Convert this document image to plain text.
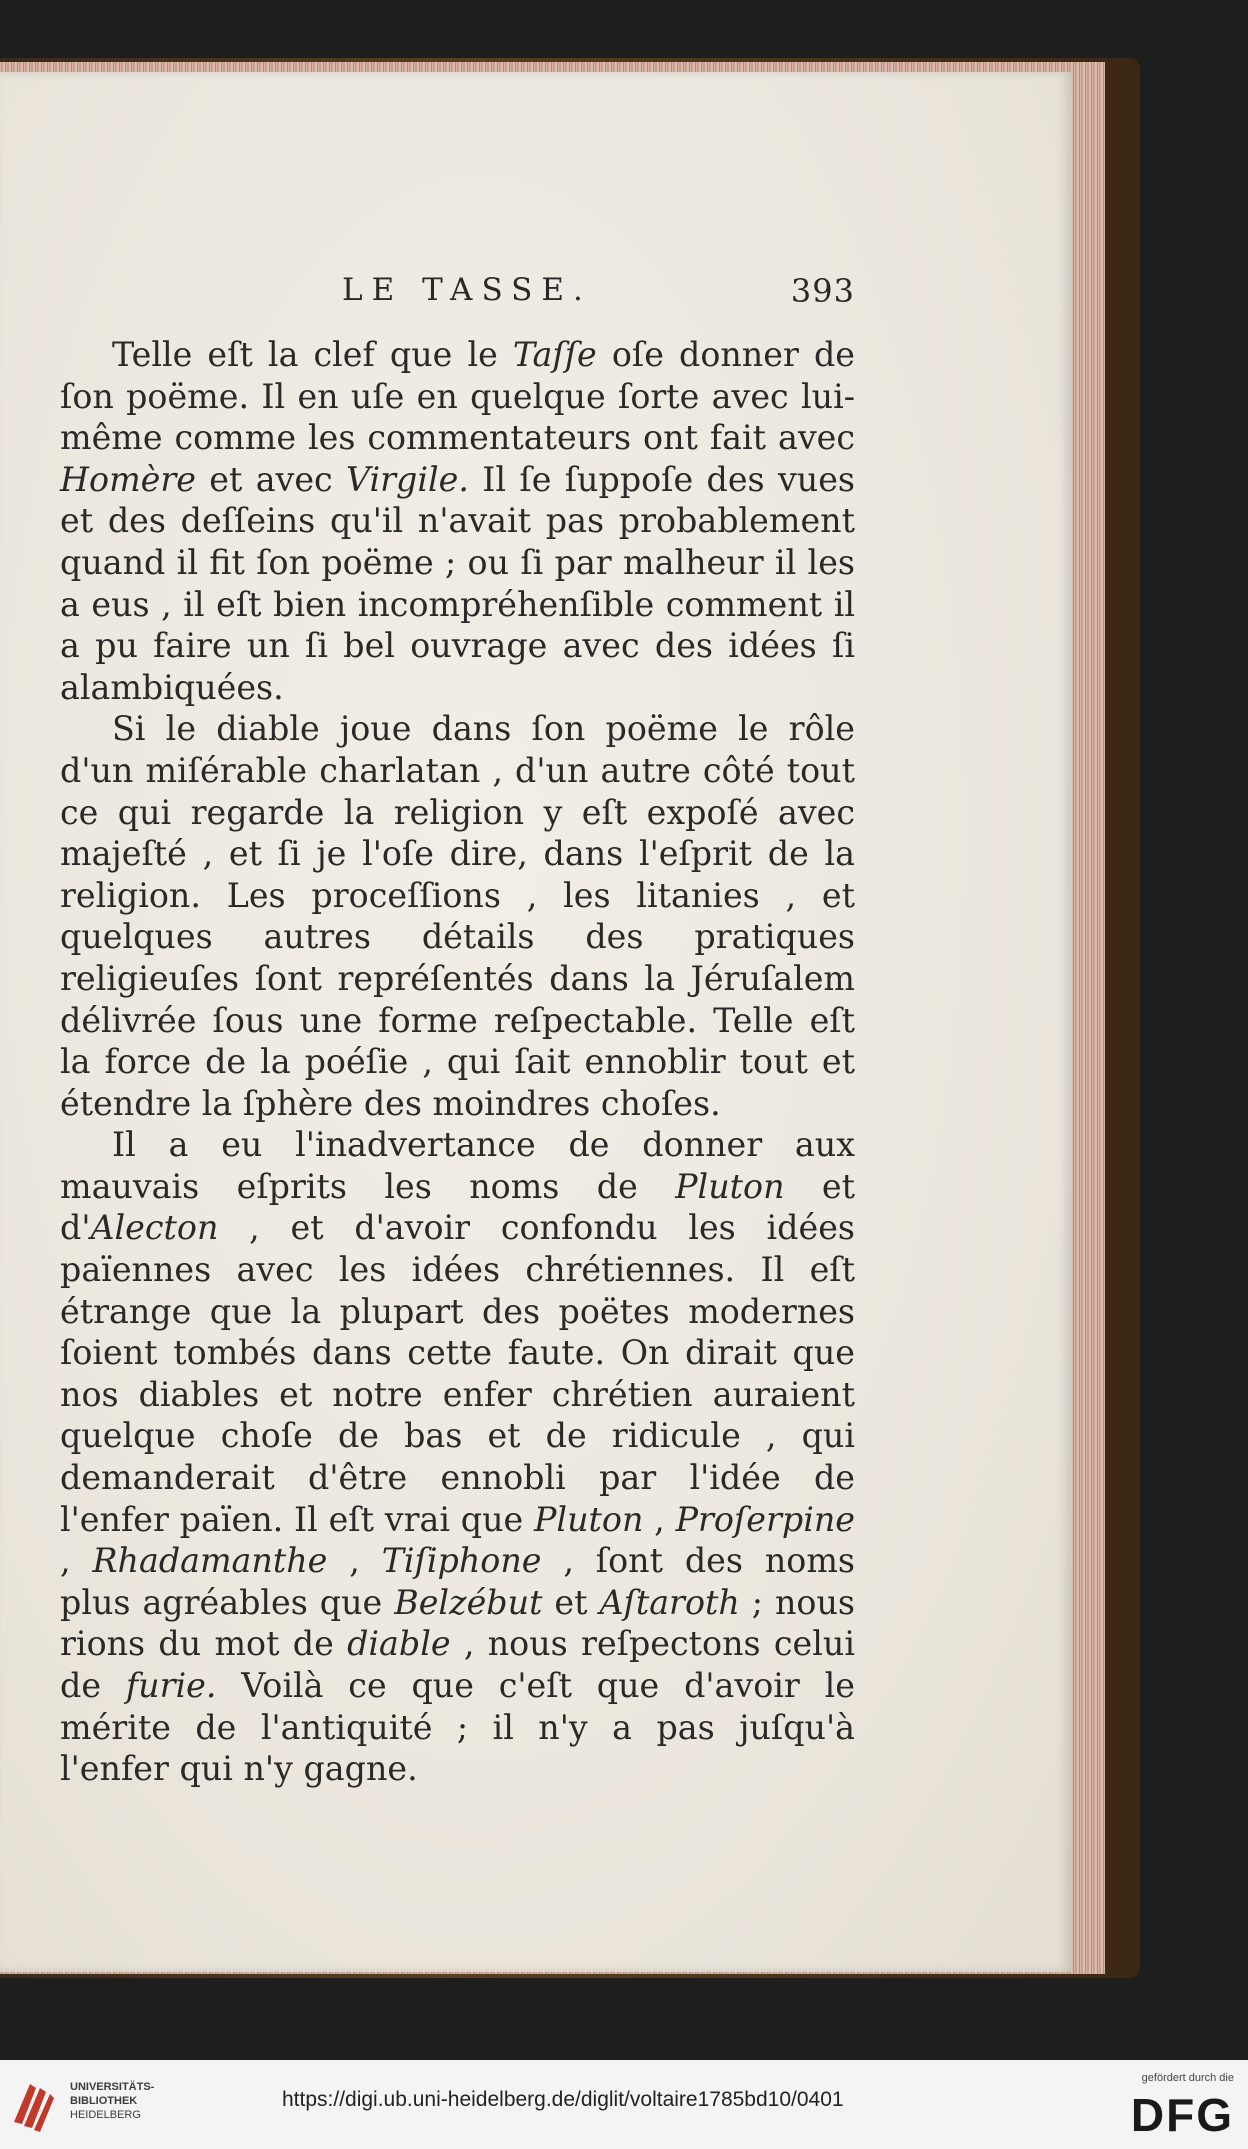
LE TASSE.	393

Telle eſt la clef que le Taſſe oſe donner de ſon poëme. Il en uſe en quelque ſorte avec lui-même comme les commentateurs ont fait avec Homère et avec Virgile. Il ſe ſuppoſe des vues et des deſſeins qu'il n'avait pas probablement quand il fit ſon poëme ; ou ſi par malheur il les a eus , il eſt bien incompréhenſible comment il a pu faire un ſi bel ouvrage avec des idées ſi alambiquées.

Si le diable joue dans ſon poëme le rôle d'un miſérable charlatan , d'un autre côté tout ce qui regarde la religion y eſt expoſé avec majeſté , et ſi je l'oſe dire, dans l'eſprit de la religion. Les proceſſions , les litanies , et quelques autres détails des pratiques religieuſes ſont repréſentés dans la Jéruſalem délivrée ſous une forme reſpectable. Telle eſt la force de la poéſie , qui ſait ennoblir tout et étendre la ſphère des moindres choſes.

Il a eu l'inadvertance de donner aux mauvais eſprits les noms de Pluton et d'Alecton , et d'avoir confondu les idées païennes avec les idées chrétiennes. Il eſt étrange que la plupart des poëtes modernes ſoient tombés dans cette faute. On dirait que nos diables et notre enfer chrétien auraient quelque choſe de bas et de ridicule , qui demanderait d'être ennobli par l'idée de l'enfer païen. Il eſt vrai que Pluton , Proſerpine , Rhadamanthe , Tiſiphone , ſont des noms plus agréables que Belzébut et Aſtaroth ; nous rions du mot de diable , nous reſpectons celui de furie. Voilà ce que c'eſt que d'avoir le mérite de l'antiquité ; il n'y a pas juſqu'à l'enfer qui n'y gagne.

UNIVERSITÄTS-
BIBLIOTHEK
HEIDELBERG
https://digi.ub.uni-heidelberg.de/diglit/voltaire1785bd10/0401
gefördert durch die
DFG
